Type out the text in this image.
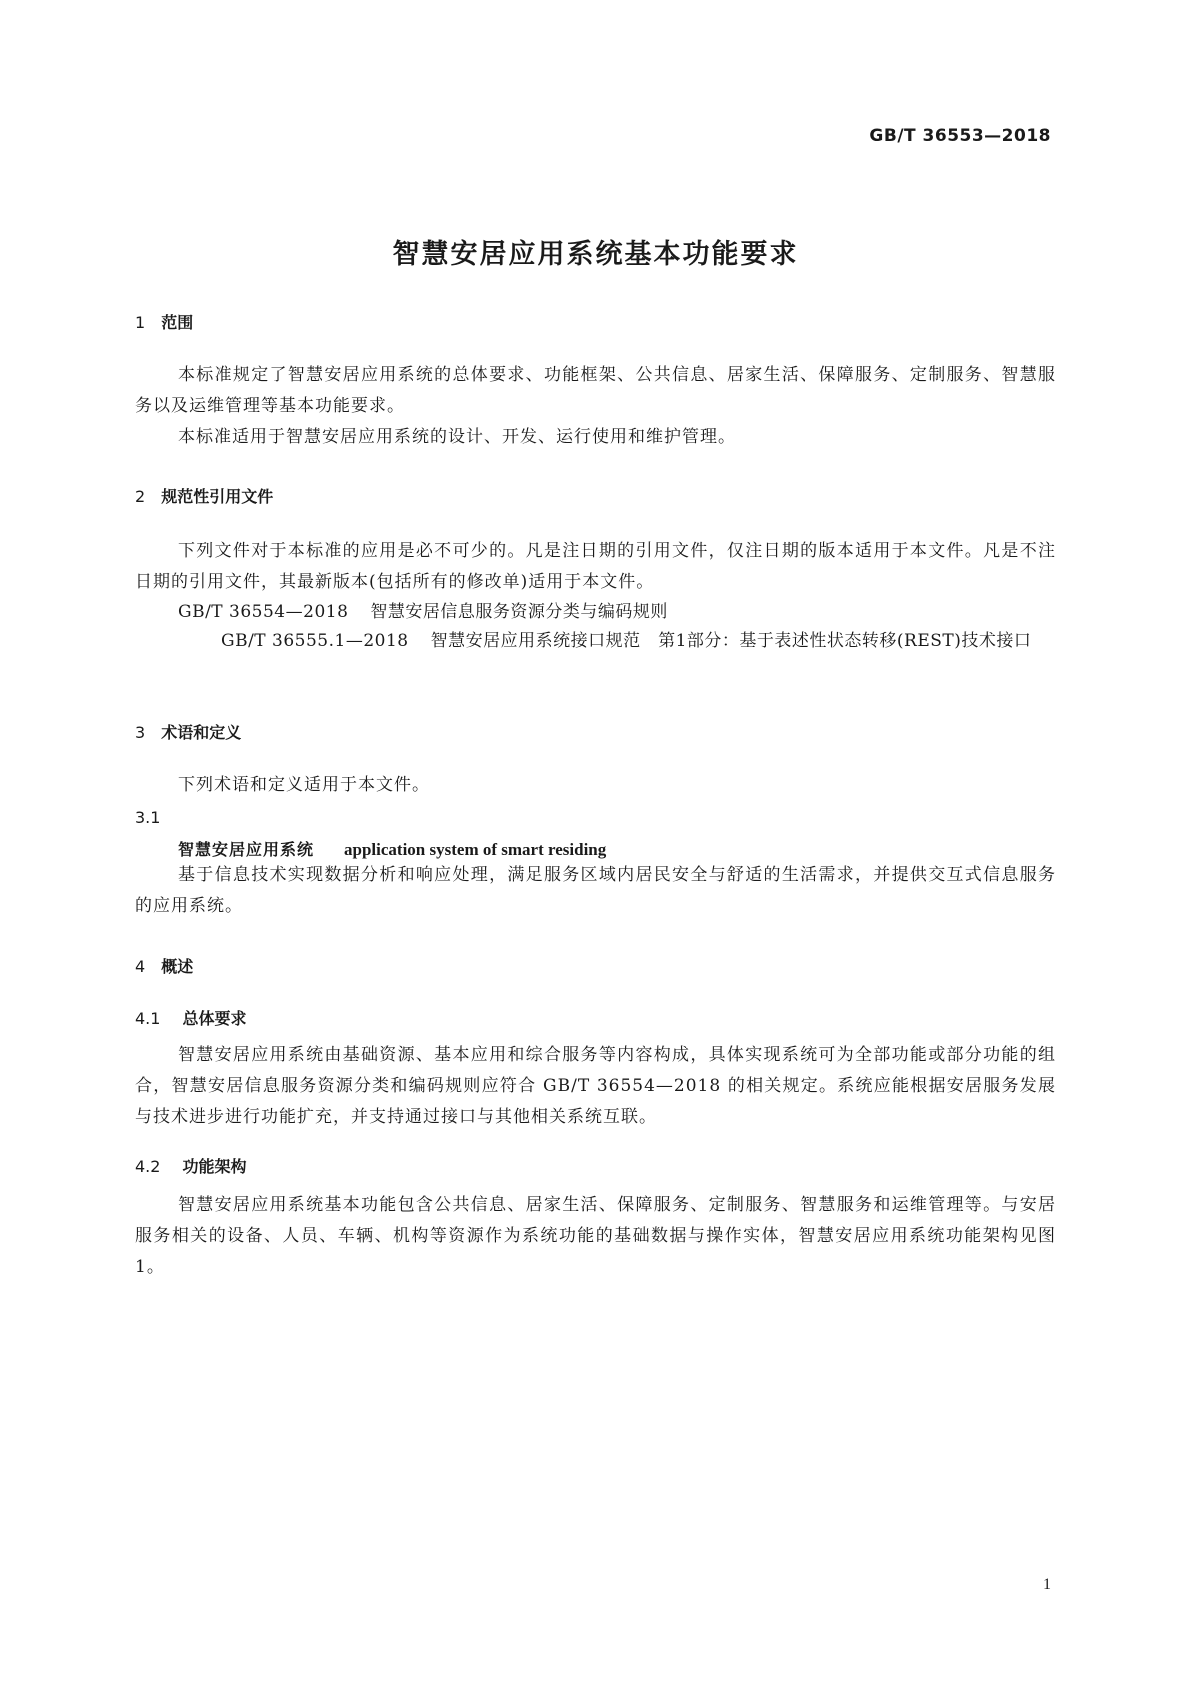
GB/T 36553—2018
智慧安居应用系统基本功能要求
1 范围
本标准规定了智慧安居应用系统的总体要求、功能框架、公共信息、居家生活、保障服务、定制服务、智慧服务以及运维管理等基本功能要求。
本标准适用于智慧安居应用系统的设计、开发、运行使用和维护管理。
2 规范性引用文件
下列文件对于本标准的应用是必不可少的。凡是注日期的引用文件，仅注日期的版本适用于本文件。凡是不注日期的引用文件，其最新版本(包括所有的修改单)适用于本文件。
GB/T 36554—2018 智慧安居信息服务资源分类与编码规则
GB/T 36555.1—2018 智慧安居应用系统接口规范　第1部分：基于表述性状态转移(REST)技术接口
3 术语和定义
下列术语和定义适用于本文件。
3.1
智慧安居应用系统 application system of smart residing
基于信息技术实现数据分析和响应处理，满足服务区域内居民安全与舒适的生活需求，并提供交互式信息服务的应用系统。
4 概述
4.1 总体要求
智慧安居应用系统由基础资源、基本应用和综合服务等内容构成，具体实现系统可为全部功能或部分功能的组合，智慧安居信息服务资源分类和编码规则应符合 GB/T 36554—2018 的相关规定。系统应能根据安居服务发展与技术进步进行功能扩充，并支持通过接口与其他相关系统互联。
4.2 功能架构
智慧安居应用系统基本功能包含公共信息、居家生活、保障服务、定制服务、智慧服务和运维管理等。与安居服务相关的设备、人员、车辆、机构等资源作为系统功能的基础数据与操作实体，智慧安居应用系统功能架构见图 1。
1
